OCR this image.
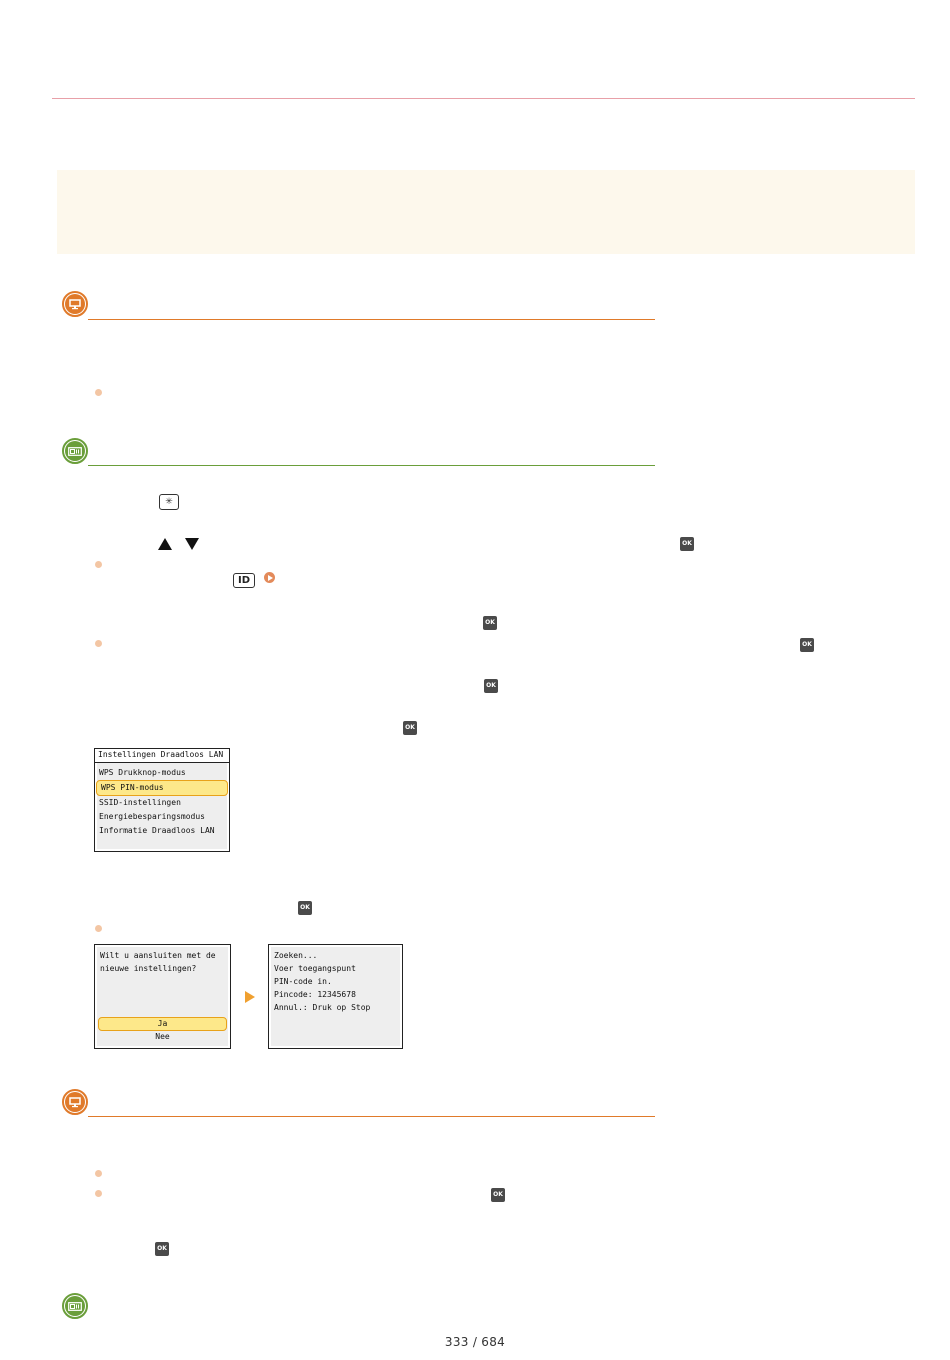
✳
OK
ID
OK
OK
OK
OK
Instellingen Draadloos LAN
WPS Drukknop-modus
WPS PIN-modus
SSID-instellingen
Energiebesparingsmodus
Informatie Draadloos LAN
OK
Wilt u aansluiten met de
nieuwe instellingen?
Ja
Nee
Zoeken...
Voer toegangspunt
PIN-code in.
Pincode: 12345678
Annul.: Druk op Stop
OK
OK
333 / 684
